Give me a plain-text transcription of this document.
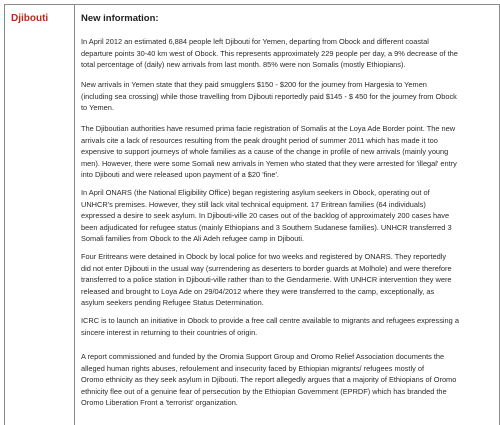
Djibouti	New information:
In April 2012 an estimated 6,884 people left Djibouti for Yemen, departing from Obock and different coastal
departure points 30-40 km west of Obock. This represents approximately 229 people per day, a 9% decrease of the
total percentage of (daily) new arrivals from last month. 85% were non Somalis (mostly Ethiopians).
New arrivals in Yemen state that they paid smugglers $150 - $200 for the journey from Hargesia to Yemen
(including sea crossing) while those travelling from Djibouti reportedly paid $145 - $ 450 for the journey from Obock
to Yemen.
The Djiboutian authorities have resumed prima facie registration of Somalis at the Loya Ade Border point. The new
arrivals cite a lack of resources resulting from the peak drought period of summer 2011 which has made it too
expensive to support journeys of whole families as a cause of the change in profile of new arrivals (mainly young
men). However, there were some Somali new arrivals in Yemen who stated that they were arrested for 'illegal' entry
into Djibouti and were released upon payment of a $20 'fine'.
In April ONARS (the National Eligibility Office) began registering asylum seekers in Obock, operating out of
UNHCR's premises. However, they still lack vital technical equipment. 17 Eritrean families (64 individuals)
expressed a desire to seek asylum. In Djibouti-ville 20 cases out of the backlog of approximately 200 cases have
been adjudicated for refugee status (mainly Ethiopians and 3 Southern Sudanese families). UNHCR transferred 3
Somali families from Obock to the Ali Adeh refugee camp in Djibouti.
Four Eritreans were detained in Obock by local police for two weeks and registered by ONARS. They reportedly
did not enter Djibouti in the usual way (surrendering as deserters to border guards at Molhole) and were therefore
transferred to a police station in Djibouti-ville rather than to the Gendarmerie. With UNHCR intervention they were
released and brought to Loya Ade on 29/04/2012 where they were transferred to the camp, exceptionally, as
asylum seekers pending Refugee Status Determination.
ICRC is to launch an initiative in Obock to provide a free call centre available to migrants and refugees expressing a
sincere interest in returning to their countries of origin.
A report commissioned and funded by the Oromia Support Group and Oromo Relief Association documents the
alleged human rights abuses, refoulement and insecurity faced by Ethiopian migrants/ refugees mostly of
Oromo ethnicity as they seek asylum in Djibouti. The report allegedly argues that a majority of Ethiopians of Oromo
ethnicity flee out of a genuine fear of persecution by the Ethiopian Government (EPRDF) which has branded the
Oromo Liberation Front a 'terrorist' organization.
